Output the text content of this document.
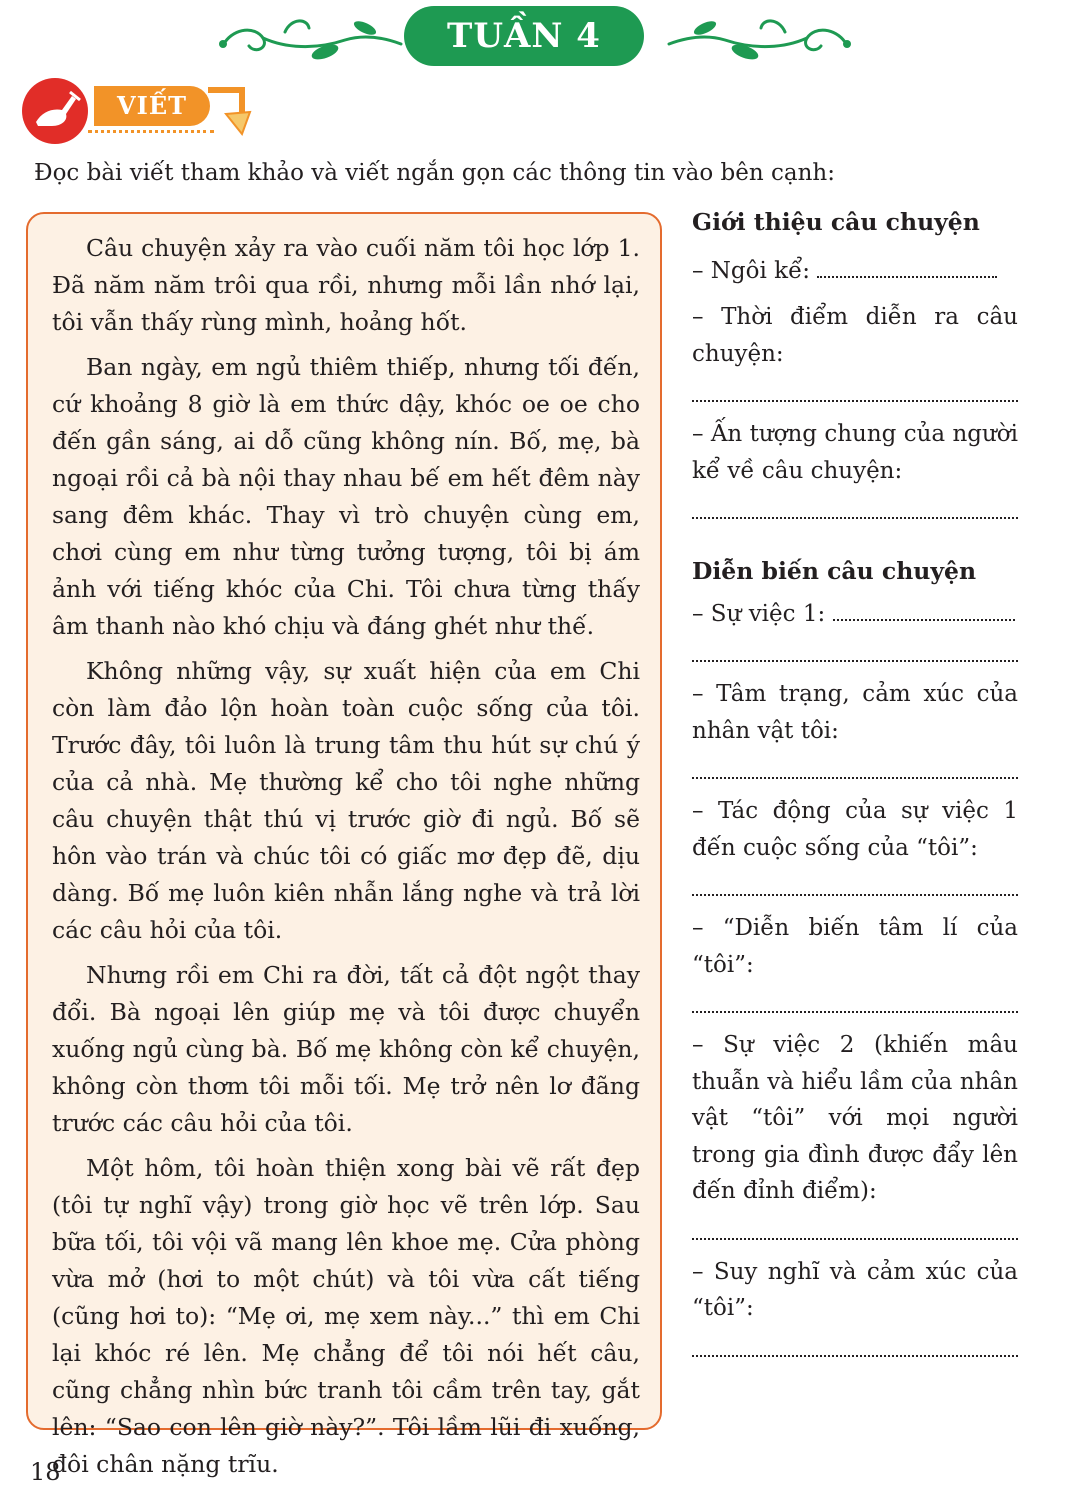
TUẦN 4
VIẾT
Đọc bài viết tham khảo và viết ngắn gọn các thông tin vào bên cạnh:

Câu chuyện xảy ra vào cuối năm tôi học lớp 1. Đã năm năm trôi qua rồi, nhưng mỗi lần nhớ lại, tôi vẫn thấy rùng mình, hoảng hốt.

Ban ngày, em ngủ thiêm thiếp, nhưng tối đến, cứ khoảng 8 giờ là em thức dậy, khóc oe oe cho đến gần sáng, ai dỗ cũng không nín. Bố, mẹ, bà ngoại rồi cả bà nội thay nhau bế em hết đêm này sang đêm khác. Thay vì trò chuyện cùng em, chơi cùng em như từng tưởng tượng, tôi bị ám ảnh với tiếng khóc của Chi. Tôi chưa từng thấy âm thanh nào khó chịu và đáng ghét như thế.

Không những vậy, sự xuất hiện của em Chi còn làm đảo lộn hoàn toàn cuộc sống của tôi. Trước đây, tôi luôn là trung tâm thu hút sự chú ý của cả nhà. Mẹ thường kể cho tôi nghe những câu chuyện thật thú vị trước giờ đi ngủ. Bố sẽ hôn vào trán và chúc tôi có giấc mơ đẹp đẽ, dịu dàng. Bố mẹ luôn kiên nhẫn lắng nghe và trả lời các câu hỏi của tôi.

Nhưng rồi em Chi ra đời, tất cả đột ngột thay đổi. Bà ngoại lên giúp mẹ và tôi được chuyển xuống ngủ cùng bà. Bố mẹ không còn kể chuyện, không còn thơm tôi mỗi tối. Mẹ trở nên lơ đãng trước các câu hỏi của tôi.

Một hôm, tôi hoàn thiện xong bài vẽ rất đẹp (tôi tự nghĩ vậy) trong giờ học vẽ trên lớp. Sau bữa tối, tôi vội vã mang lên khoe mẹ. Cửa phòng vừa mở (hơi to một chút) và tôi vừa cất tiếng (cũng hơi to): “Mẹ ơi, mẹ xem này...” thì em Chi lại khóc ré lên. Mẹ chẳng để tôi nói hết câu, cũng chẳng nhìn bức tranh tôi cầm trên tay, gắt lên: “Sao con lên giờ này?”. Tôi lầm lũi đi xuống, đôi chân nặng trĩu.

Giới thiệu câu chuyện

– Ngôi kể:

– Thời điểm diễn ra câu chuyện:

– Ấn tượng chung của người kể về câu chuyện:

Diễn biến câu chuyện

– Sự việc 1:

– Tâm trạng, cảm xúc của nhân vật tôi:

– Tác động của sự việc 1 đến cuộc sống của “tôi”:

– “Diễn biến tâm lí của “tôi”:

– Sự việc 2 (khiến mâu thuẫn và hiểu lầm của nhân vật “tôi” với mọi người trong gia đình được đẩy lên đến đỉnh điểm):

– Suy nghĩ và cảm xúc của “tôi”:

18
